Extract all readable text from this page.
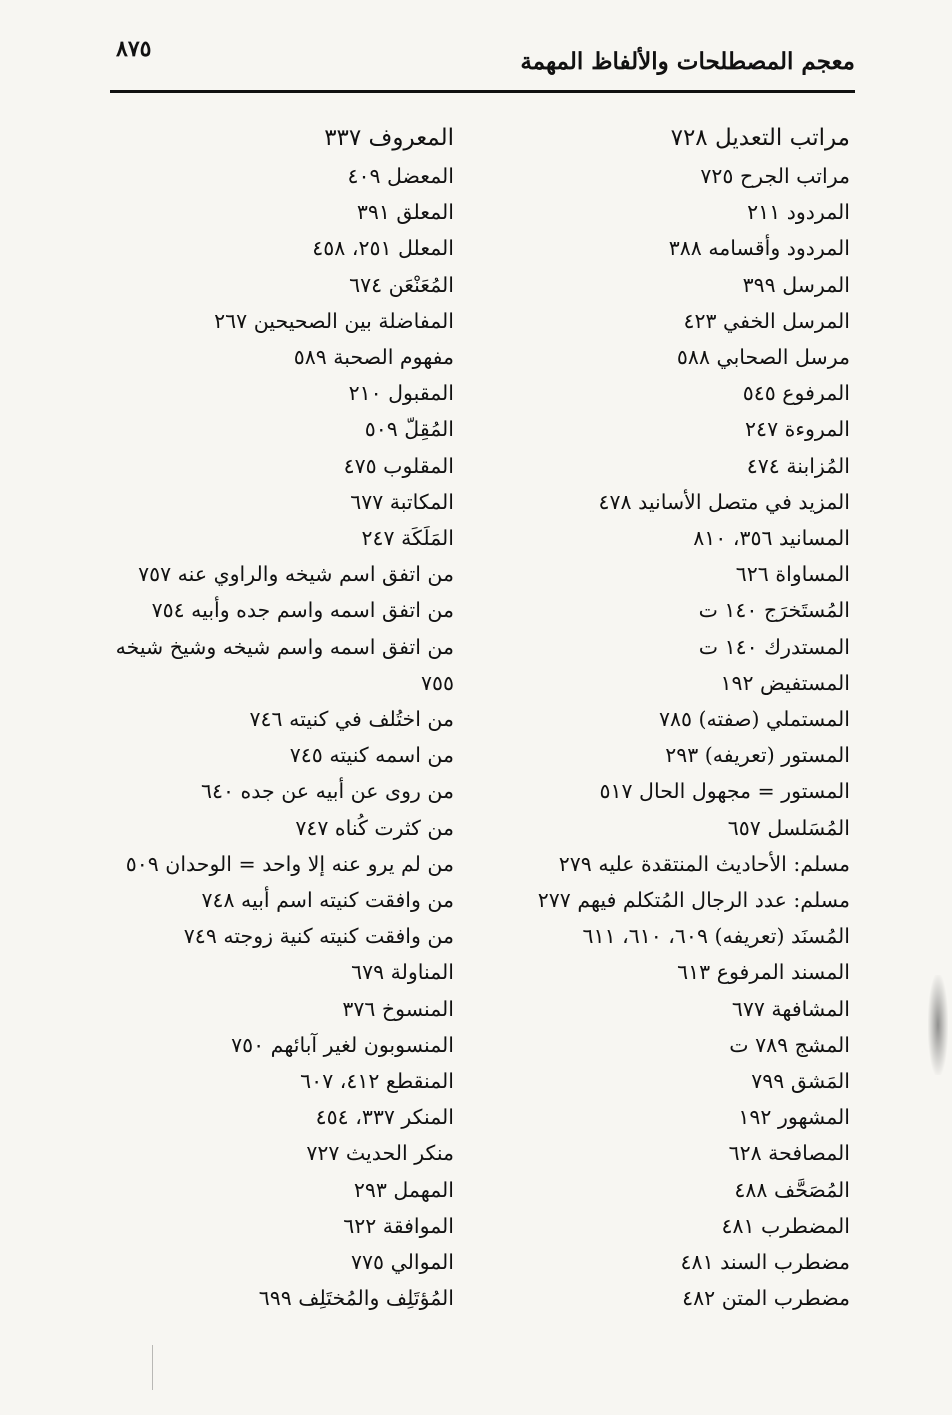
٨٧٥	معجم المصطلحات والألفاظ المهمة
مراتب التعديل ٧٢٨
مراتب الجرح ٧٢٥
المردود ٢١١
المردود وأقسامه ٣٨٨
المرسل ٣٩٩
المرسل الخفي ٤٢٣
مرسل الصحابي ٥٨٨
المرفوع ٥٤٥
المروءة ٢٤٧
المُزابنة ٤٧٤
المزيد في متصل الأسانيد ٤٧٨
المسانيد ٣٥٦، ٨١٠
المساواة ٦٢٦
المُستَخرَج ١٤٠ ت
المستدرك ١٤٠ ت
المستفيض ١٩٢
المستملي (صفته) ٧٨٥
المستور (تعريفه) ٢٩٣
المستور = مجهول الحال ٥١٧
المُسَلسل ٦٥٧
مسلم: الأحاديث المنتقدة عليه ٢٧٩
مسلم: عدد الرجال المُتكلم فيهم ٢٧٧
المُسنَد (تعريفه) ٦٠٩، ٦١٠، ٦١١
المسند المرفوع ٦١٣
المشافهة ٦٧٧
المشج ٧٨٩ ت
المَشق ٧٩٩
المشهور ١٩٢
المصافحة ٦٢٨
المُصَحَّف ٤٨٨
المضطرب ٤٨١
مضطرب السند ٤٨١
مضطرب المتن ٤٨٢
المعروف ٣٣٧
المعضل ٤٠٩
المعلق ٣٩١
المعلل ٢٥١، ٤٥٨
المُعَنْعَن ٦٧٤
المفاضلة بين الصحيحين ٢٦٧
مفهوم الصحبة ٥٨٩
المقبول ٢١٠
المُقِلّ ٥٠٩
المقلوب ٤٧٥
المكاتبة ٦٧٧
المَلَكَة ٢٤٧
من اتفق اسم شيخه والراوي عنه ٧٥٧
من اتفق اسمه واسم جده وأبيه ٧٥٤
من اتفق اسمه واسم شيخه وشيخ شيخه ٧٥٥
من اختُلف في كنيته ٧٤٦
من اسمه كنيته ٧٤٥
من روى عن أبيه عن جده ٦٤٠
من كثرت كُناه ٧٤٧
من لم يرو عنه إلا واحد = الوحدان ٥٠٩
من وافقت كنيته اسم أبيه ٧٤٨
من وافقت كنيته كنية زوجته ٧٤٩
المناولة ٦٧٩
المنسوخ ٣٧٦
المنسوبون لغير آبائهم ٧٥٠
المنقطع ٤١٢، ٦٠٧
المنكر ٣٣٧، ٤٥٤
منكر الحديث ٧٢٧
المهمل ٢٩٣
الموافقة ٦٢٢
الموالي ٧٧٥
المُؤتَلِف والمُختَلِف ٦٩٩
